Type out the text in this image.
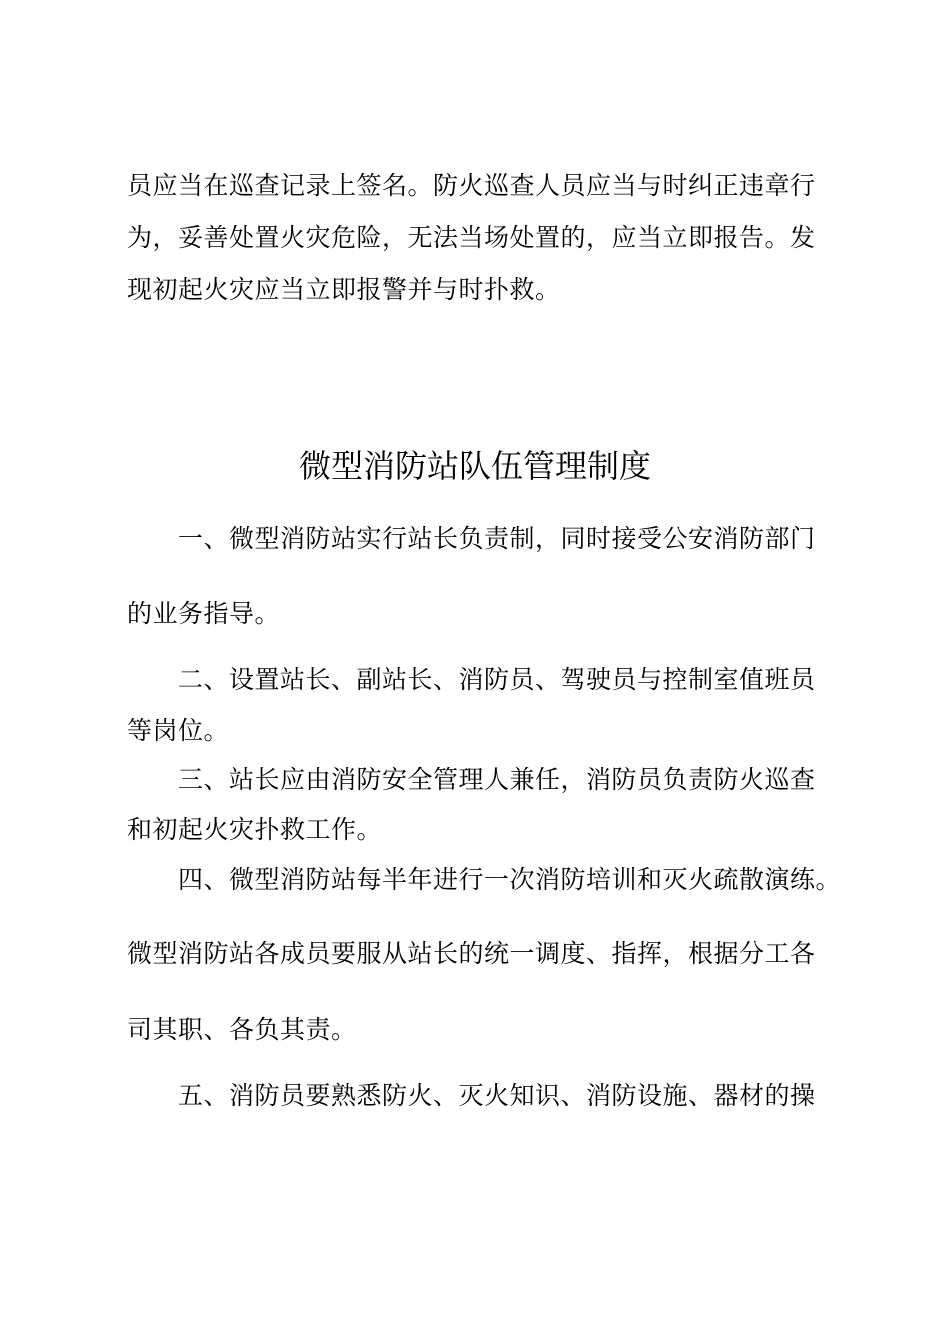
员应当在巡查记录上签名。防火巡查人员应当与时纠正违章行

为，妥善处置火灾危险，无法当场处置的，应当立即报告。发

现初起火灾应当立即报警并与时扑救。

微型消防站队伍管理制度

一、微型消防站实行站长负责制，同时接受公安消防部门

的业务指导。

二、设置站长、副站长、消防员、驾驶员与控制室值班员

等岗位。

三、站长应由消防安全管理人兼任，消防员负责防火巡查

和初起火灾扑救工作。

四、微型消防站每半年进行一次消防培训和灭火疏散演练。

微型消防站各成员要服从站长的统一调度、指挥，根据分工各

司其职、各负其责。

五、消防员要熟悉防火、灭火知识、消防设施、器材的操
